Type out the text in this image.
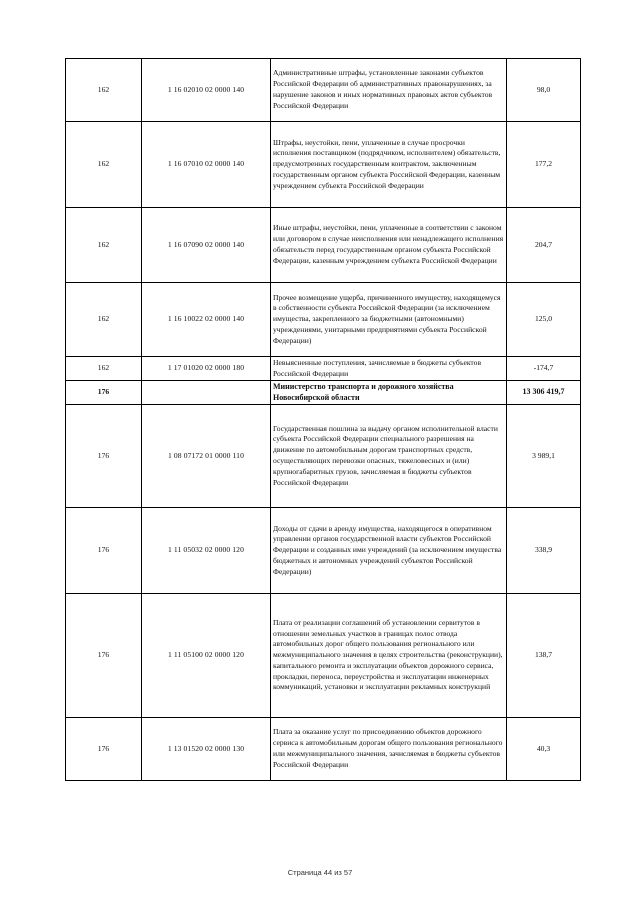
162	1 16 02010 02 0000 140	Административные штрафы, установленные законами субъектов Российской Федерации об административных правонарушениях, за нарушение законов и иных нормативных правовых актов субъектов Российской Федерации	98,0
162	1 16 07010 02 0000 140	Штрафы, неустойки, пени, уплаченные в случае просрочки исполнения поставщиком (подрядчиком, исполнителем) обязательств, предусмотренных государственным контрактом, заключенным государственным органом субъекта Российской Федерации, казенным учреждением субъекта Российской Федерации	177,2
162	1 16 07090 02 0000 140	Иные штрафы, неустойки, пени, уплаченные в соответствии с законом или договором в случае неисполнения или ненадлежащего исполнения обязательств перед государственным органом субъекта Российской Федерации, казенным учреждением субъекта Российской Федерации	204,7
162	1 16 10022 02 0000 140	Прочее возмещение ущерба, причиненного имуществу, находящемуся в собственности субъекта Российской Федерации (за исключением имущества, закрепленного за бюджетными (автономными) учреждениями, унитарными предприятиями субъекта Российской Федерации)	125,0
162	1 17 01020 02 0000 180	Невыясненные поступления, зачисляемые в бюджеты субъектов Российской Федерации	-174,7
176		Министерство транспорта и дорожного хозяйства Новосибирской области	13 306 419,7
176	1 08 07172 01 0000 110	Государственная пошлина за выдачу органом исполнительной власти субъекта Российской Федерации специального разрешения на движение по автомобильным дорогам транспортных средств, осуществляющих перевозки опасных, тяжеловесных и (или) крупногабаритных грузов, зачисляемая в бюджеты субъектов Российской Федерации	3 989,1
176	1 11 05032 02 0000 120	Доходы от сдачи в аренду имущества, находящегося в оперативном управлении органов государственной власти субъектов Российской Федерации и созданных ими учреждений (за исключением имущества бюджетных и автономных учреждений субъектов Российской Федерации)	338,9
176	1 11 05100 02 0000 120	Плата от реализации соглашений об установлении сервитутов в отношении земельных участков в границах полос отвода автомобильных дорог общего пользования регионального или межмуниципального значения в целях строительства (реконструкции), капитального ремонта и эксплуатации объектов дорожного сервиса, прокладки, переноса, переустройства и эксплуатации инженерных коммуникаций, установки и эксплуатации рекламных конструкций	138,7
176	1 13 01520 02 0000 130	Плата за оказание услуг по присоединению объектов дорожного сервиса к автомобильным дорогам общего пользования регионального или межмуниципального значения, зачисляемая в бюджеты субъектов Российской Федерации	40,3
Страница 44 из 57
